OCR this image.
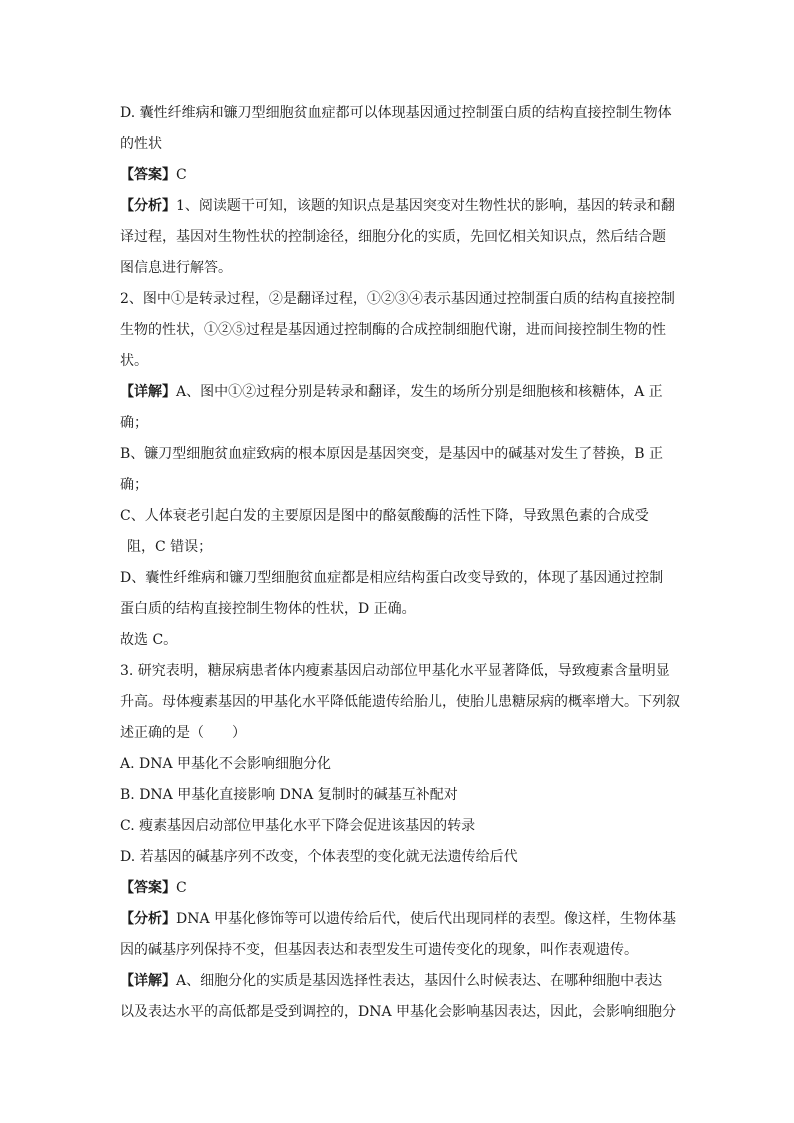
D. 囊性纤维病和镰刀型细胞贫血症都可以体现基因通过控制蛋白质的结构直接控制生物体
的性状
【答案】C
【分析】1、阅读题干可知，该题的知识点是基因突变对生物性状的影响，基因的转录和翻
译过程，基因对生物性状的控制途径，细胞分化的实质，先回忆相关知识点，然后结合题
图信息进行解答。
2、图中①是转录过程，②是翻译过程，①②③④表示基因通过控制蛋白质的结构直接控制
生物的性状，①②⑤过程是基因通过控制酶的合成控制细胞代谢，进而间接控制生物的性
状。
【详解】A、图中①②过程分别是转录和翻译，发生的场所分别是细胞核和核糖体，A 正
确；
B、镰刀型细胞贫血症致病的根本原因是基因突变，是基因中的碱基对发生了替换，B 正
确；
C、人体衰老引起白发的主要原因是图中的酪氨酸酶的活性下降，导致黑色素的合成受
阻，C 错误；
D、囊性纤维病和镰刀型细胞贫血症都是相应结构蛋白改变导致的，体现了基因通过控制
蛋白质的结构直接控制生物体的性状，D 正确。
故选 C。
3. 研究表明，糖尿病患者体内瘦素基因启动部位甲基化水平显著降低，导致瘦素含量明显
升高。母体瘦素基因的甲基化水平降低能遗传给胎儿，使胎儿患糖尿病的概率增大。下列叙
述正确的是（　　）
A. DNA 甲基化不会影响细胞分化
B. DNA 甲基化直接影响 DNA 复制时的碱基互补配对
C. 瘦素基因启动部位甲基化水平下降会促进该基因的转录
D. 若基因的碱基序列不改变，个体表型的变化就无法遗传给后代
【答案】C
【分析】DNA 甲基化修饰等可以遗传给后代，使后代出现同样的表型。像这样，生物体基
因的碱基序列保持不变，但基因表达和表型发生可遗传变化的现象，叫作表观遗传。
【详解】A、细胞分化的实质是基因选择性表达，基因什么时候表达、在哪种细胞中表达
以及表达水平的高低都是受到调控的，DNA 甲基化会影响基因表达，因此，会影响细胞分
